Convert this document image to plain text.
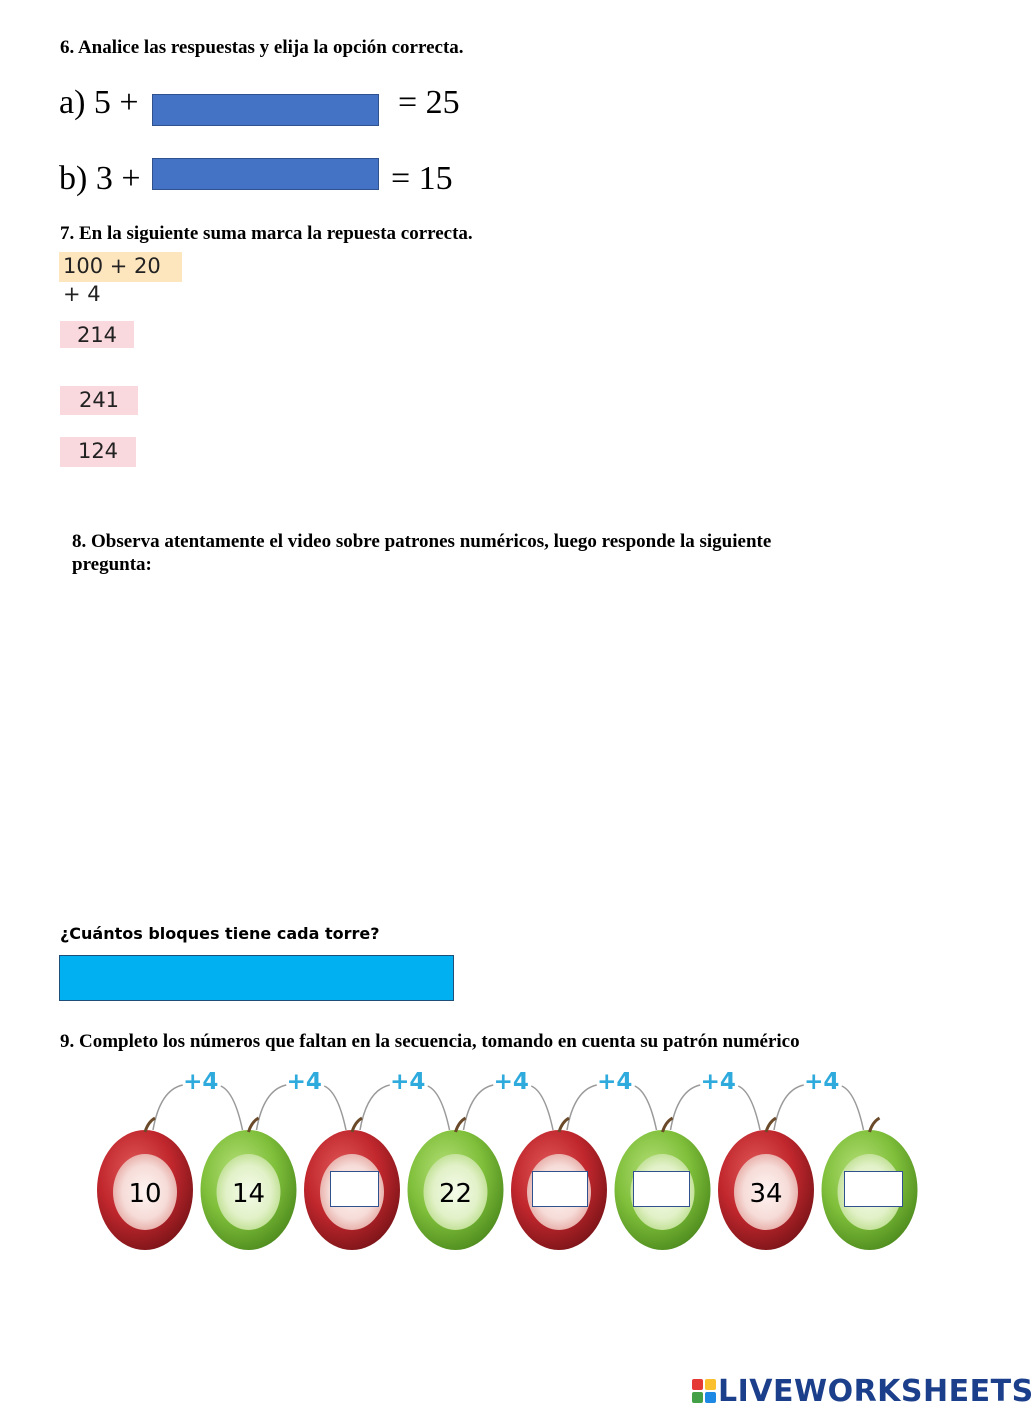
6. Analice las respuestas y elija la opción correcta.
a) 5 +	= 25
b) 3 +	= 15
7. En la siguiente suma marca la repuesta correcta.
100 + 20 + 4
214
241
124
8. Observa atentamente el video sobre patrones numéricos, luego responde la siguiente
pregunta:
¿Cuántos bloques tiene cada torre?
9. Completo los números que faltan en la secuencia, tomando en cuenta su patrón numérico
+4	+4	+4	+4	+4	+4	+4
10	14	22	34
LIVEWORKSHEETS
